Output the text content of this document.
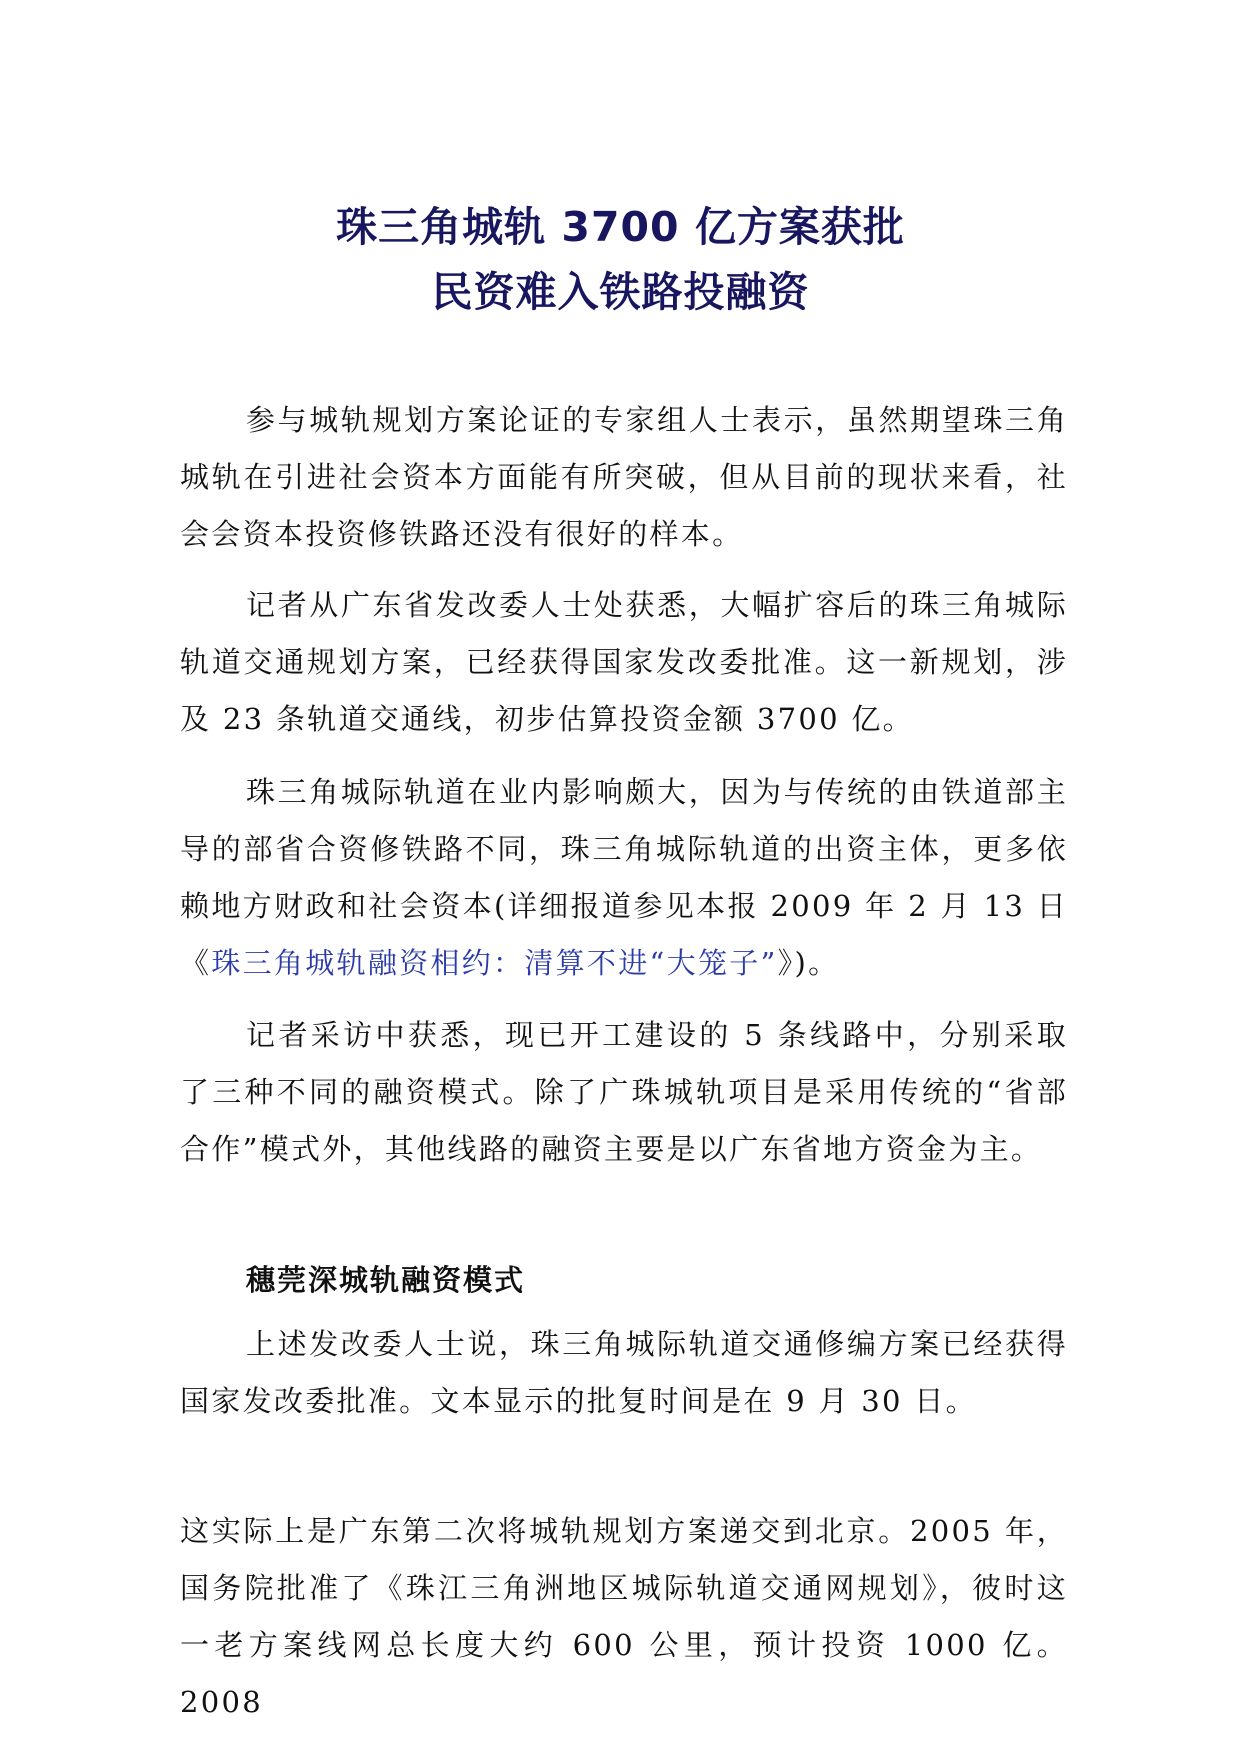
珠三角城轨 3700 亿方案获批
民资难入铁路投融资
参与城轨规划方案论证的专家组人士表示，虽然期望珠三角城轨在引进社会资本方面能有所突破，但从目前的现状来看，社会会资本投资修铁路还没有很好的样本。
记者从广东省发改委人士处获悉，大幅扩容后的珠三角城际轨道交通规划方案，已经获得国家发改委批准。这一新规划，涉及 23 条轨道交通线，初步估算投资金额 3700 亿。
珠三角城际轨道在业内影响颇大，因为与传统的由铁道部主导的部省合资修铁路不同，珠三角城际轨道的出资主体，更多依赖地方财政和社会资本(详细报道参见本报 2009 年 2 月 13 日《珠三角城轨融资相约：清算不进“大笼子”》)。
记者采访中获悉，现已开工建设的 5 条线路中，分别采取了三种不同的融资模式。除了广珠城轨项目是采用传统的“省部合作”模式外，其他线路的融资主要是以广东省地方资金为主。
穗莞深城轨融资模式
上述发改委人士说，珠三角城际轨道交通修编方案已经获得国家发改委批准。文本显示的批复时间是在 9 月 30 日。
这实际上是广东第二次将城轨规划方案递交到北京。2005 年，国务院批准了《珠江三角洲地区城际轨道交通网规划》，彼时这一老方案线网总长度大约 600 公里，预计投资 1000 亿。2008
